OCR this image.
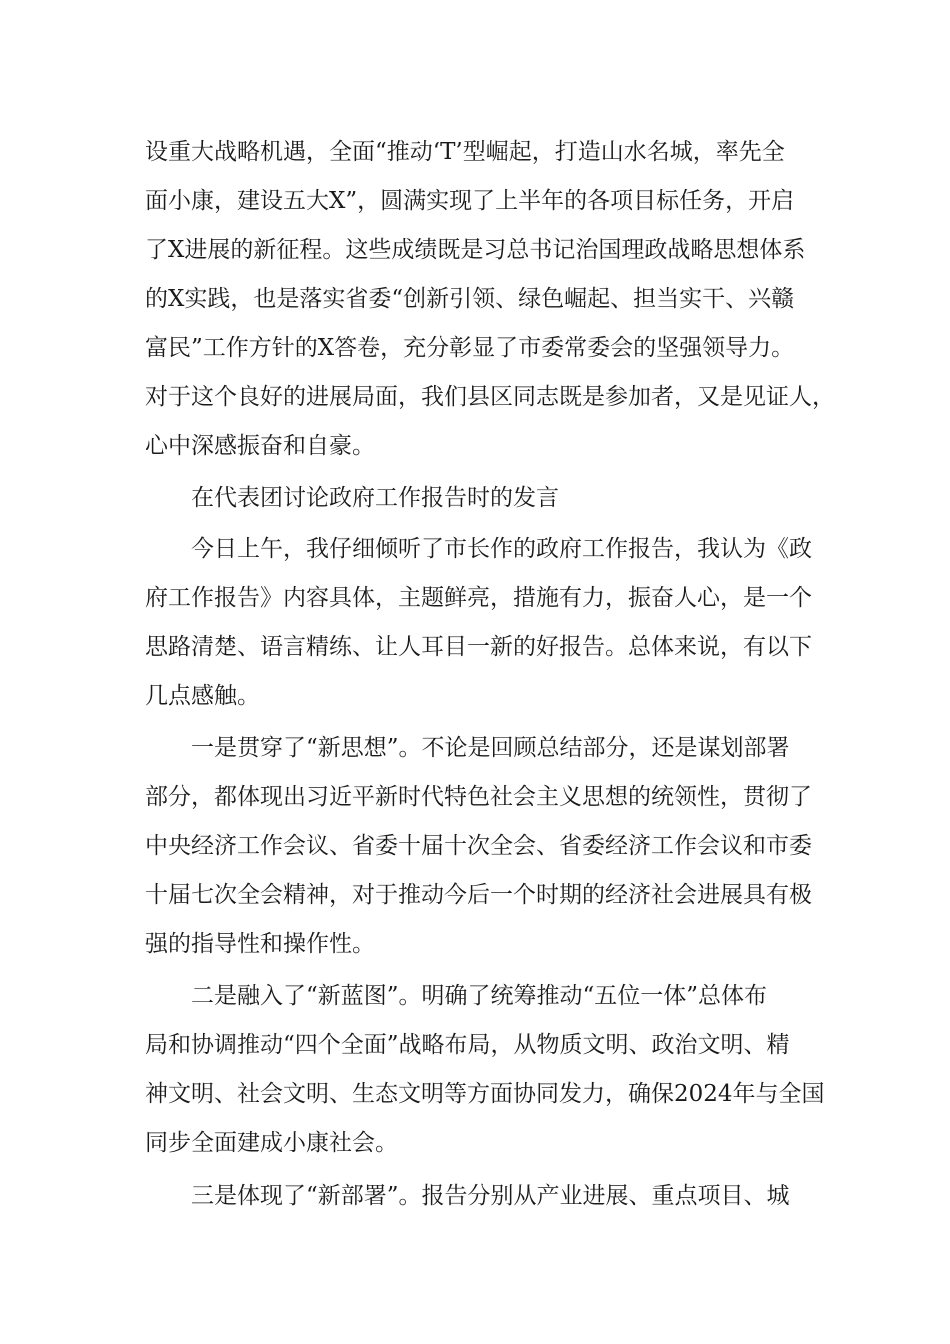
设重大战略机遇，全面“推动‘T’型崛起，打造山水名城，率先全
面小康，建设五大X”，圆满实现了上半年的各项目标任务，开启
了X进展的新征程。这些成绩既是习总书记治国理政战略思想体系
的X实践，也是落实省委“创新引领、绿色崛起、担当实干、兴赣
富民”工作方针的X答卷，充分彰显了市委常委会的坚强领导力。
对于这个良好的进展局面，我们县区同志既是参加者，又是见证人，
心中深感振奋和自豪。
在代表团讨论政府工作报告时的发言
今日上午，我仔细倾听了市长作的政府工作报告，我认为《政
府工作报告》内容具体，主题鲜亮，措施有力，振奋人心，是一个
思路清楚、语言精练、让人耳目一新的好报告。总体来说，有以下
几点感触。
一是贯穿了“新思想”。不论是回顾总结部分，还是谋划部署
部分，都体现出习近平新时代特色社会主义思想的统领性，贯彻了
中央经济工作会议、省委十届十次全会、省委经济工作会议和市委
十届七次全会精神，对于推动今后一个时期的经济社会进展具有极
强的指导性和操作性。
二是融入了“新蓝图”。明确了统筹推动“五位一体”总体布
局和协调推动“四个全面”战略布局，从物质文明、政治文明、精
神文明、社会文明、生态文明等方面协同发力，确保2024年与全国
同步全面建成小康社会。
三是体现了“新部署”。报告分别从产业进展、重点项目、城
